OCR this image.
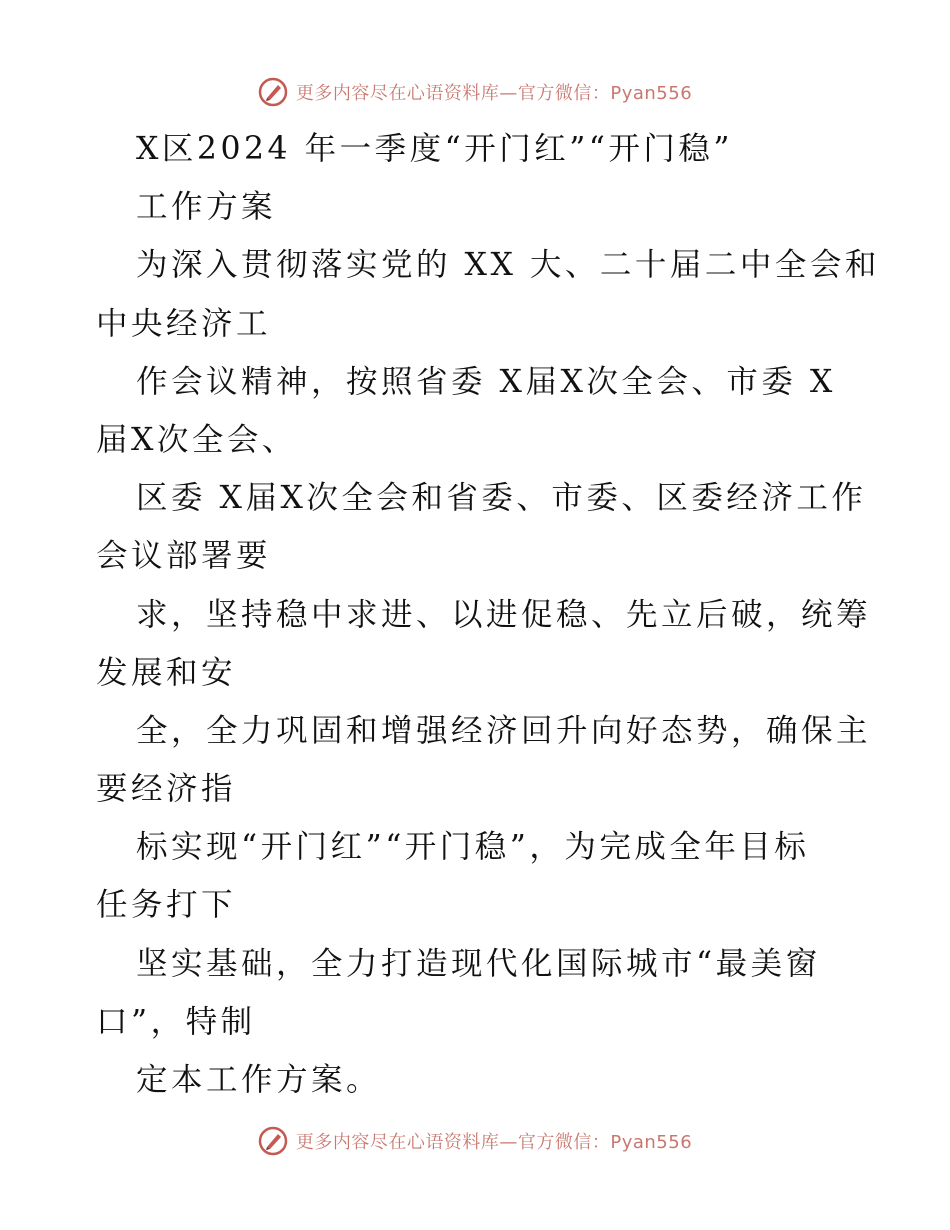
更多内容尽在心语资料库—官方微信：Pyan556
X区2024 年一季度“开门红”“开门稳”
工作方案
为深入贯彻落实党的 XX 大、二十届二中全会和
中央经济工
作会议精神，按照省委 X届X次全会、市委 X
届X次全会、
区委 X届X次全会和省委、市委、区委经济工作
会议部署要
求，坚持稳中求进、以进促稳、先立后破，统筹
发展和安
全，全力巩固和增强经济回升向好态势，确保主
要经济指
标实现“开门红”“开门稳”，为完成全年目标
任务打下
坚实基础，全力打造现代化国际城市“最美窗
口”，特制
定本工作方案。
更多内容尽在心语资料库—官方微信：Pyan556
